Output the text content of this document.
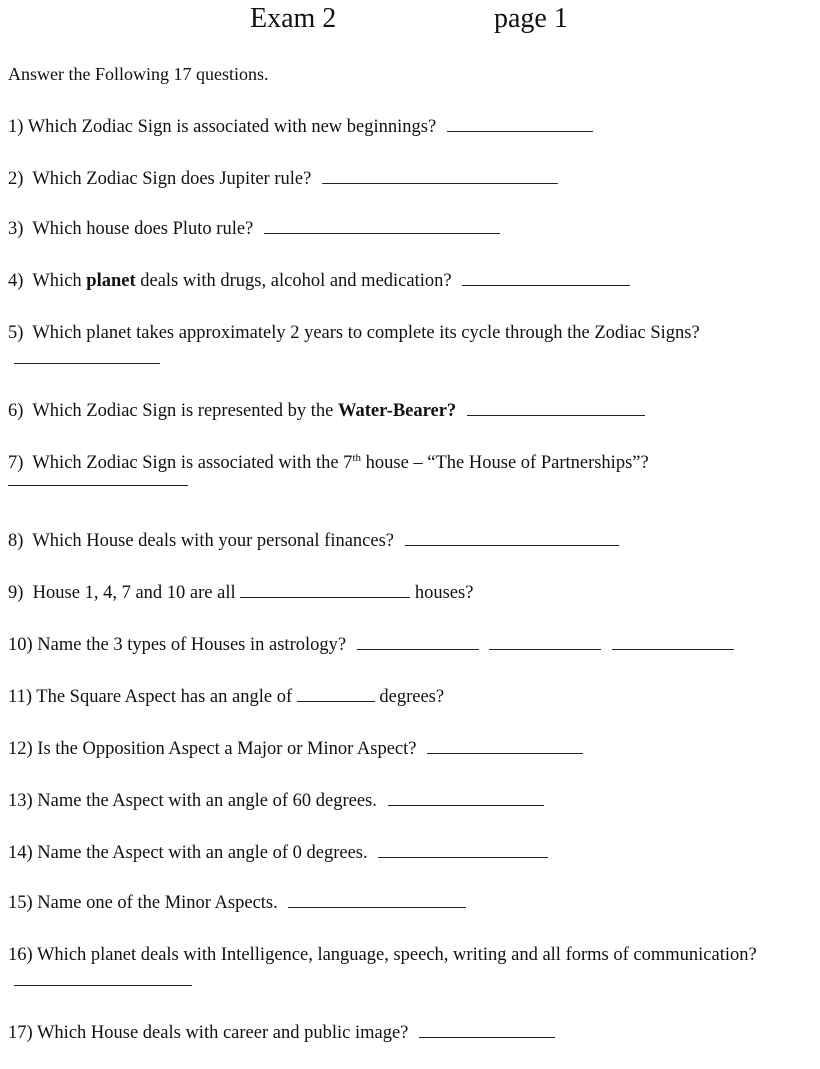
Exam 2	page 1
Answer the Following 17 questions.
1) Which Zodiac Sign is associated with new beginnings?
2) Which Zodiac Sign does Jupiter rule?
3) Which house does Pluto rule?
4) Which planet deals with drugs, alcohol and medication?
5) Which planet takes approximately 2 years to complete its cycle through the Zodiac Signs?
6) Which Zodiac Sign is represented by the Water-Bearer?
7) Which Zodiac Sign is associated with the 7th house – “The House of Partnerships”?
8) Which House deals with your personal finances?
9) House 1, 4, 7 and 10 are all	houses?
10) Name the 3 types of Houses in astrology?
11) The Square Aspect has an angle of	degrees?
12) Is the Opposition Aspect a Major or Minor Aspect?
13) Name the Aspect with an angle of 60 degrees.
14) Name the Aspect with an angle of 0 degrees.
15) Name one of the Minor Aspects.
16) Which planet deals with Intelligence, language, speech, writing and all forms of communication?
17) Which House deals with career and public image?
